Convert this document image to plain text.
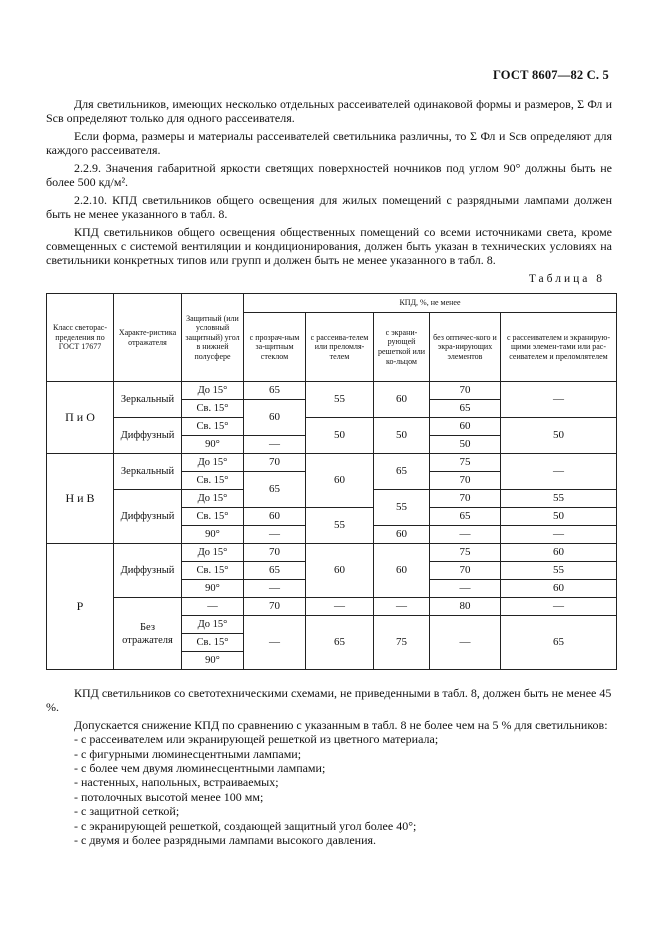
ГОСТ 8607—82 С. 5

Для светильников, имеющих несколько отдельных рассеивателей одинаковой формы и размеров, Σ Фл и Sсв определяют только для одного рассеивателя.

Если форма, размеры и материалы рассеивателей светильника различны, то Σ Фл и Sсв определяют для каждого рассеивателя.

2.2.9. Значения габаритной яркости светящих поверхностей ночников под углом 90° должны быть не более 500 кд/м².

2.2.10. КПД светильников общего освещения для жилых помещений с разрядными лампами должен быть не менее указанного в табл. 8.

КПД светильников общего освещения общественных помещений со всеми источниками света, кроме совмещенных с системой вентиляции и кондиционирования, должен быть указан в технических условиях на светильники конкретных типов или групп и должен быть не менее указанного в табл. 8.

Таблица 8
Класс светорас-пределения по ГОСТ 17677	Характе-ристика отражателя	Защитный (или условный защитный) угол в нижней полусфере	КПД, %, не менее				
			с прозрач-ным за-щитным стеклом	с рассеива-телем или преломля-телем	с экрани-рующей решеткой или ко-льцом	без оптичес-кого и экра-нирующих элементов	с рассеивателем и экранирую-щими элемен-тами или рас-сеивателем и преломлятелем
П и О	Зеркальный	До 15°	65	55	60	70	—
		Св. 15°	60			65	
	Диффузный	Св. 15°		50	50	60	50
		90°	—			50	
Н и В	Зеркальный	До 15°	70	60	65	75	—
		Св. 15°	65			70	
	Диффузный	До 15°			55	70	55
		Св. 15°	60	55		65	50
		90°	—		60	—	—
Р	Диффузный	До 15°	70	60	60	75	60
		Св. 15°	65			70	55
		90°	—			—	60
	Без отражателя	—	70	—	—	80	—
		До 15°	—	65	75	—	65
		Св. 15°					
		90°					

КПД светильников со светотехническими схемами, не приведенными в табл. 8, должен быть не менее 45 %.

Допускается снижение КПД по сравнению с указанным в табл. 8 не более чем на 5 % для светильников:

- с рассеивателем или экранирующей решеткой из цветного материала;
- с фигурными люминесцентными лампами;
- с более чем двумя люминесцентными лампами;
- настенных, напольных, встраиваемых;
- потолочных высотой менее 100 мм;
- с защитной сеткой;
- с экранирующей решеткой, создающей защитный угол более 40°;
- с двумя и более разрядными лампами высокого давления.
